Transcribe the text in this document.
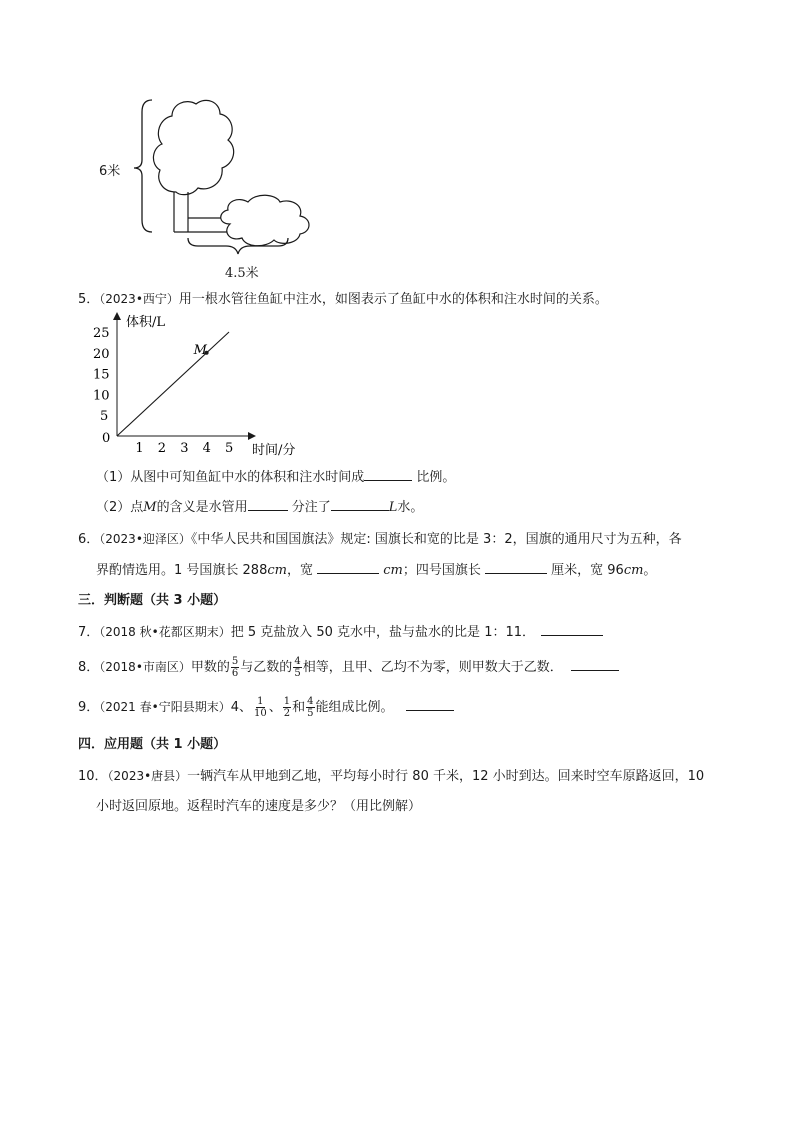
6米
4.5米
5．（2023•西宁）用一根水管往鱼缸中注水，如图表示了鱼缸中水的体积和注水时间的关系。
体积/L
时间/分
0
1 2 3 4 5
5
10
15
20
25
M
（1）从图中可知鱼缸中水的体积和注水时间成	比例。
（2）点M的含义是水管用	分注了	L水。
6．（2023•迎泽区）《中华人民共和国国旗法》规定: 国旗长和宽的比是 3：2，国旗的通用尺寸为五种，各
界酌情选用。1 号国旗长 288cm，宽	cm；四号国旗长	厘米，宽 96cm。
三．判断题（共 3 小题）
7．（2018 秋•花都区期末）把 5 克盐放入 50 克水中，盐与盐水的比是 1：11．
8．（2018•市南区）甲数的 $\frac{5}{6}$ 与乙数的 $\frac{4}{5}$ 相等，且甲、乙均不为零，则甲数大于乙数．
9．（2021 春•宁阳县期末）4、 $\frac{1}{10}$ 、 $\frac{1}{2}$ 和 $\frac{4}{5}$ 能组成比例。
四．应用题（共 1 小题）
10．（2023•唐县）一辆汽车从甲地到乙地，平均每小时行 80 千米，12 小时到达。回来时空车原路返回，10
小时返回原地。返程时汽车的速度是多少？（用比例解）
